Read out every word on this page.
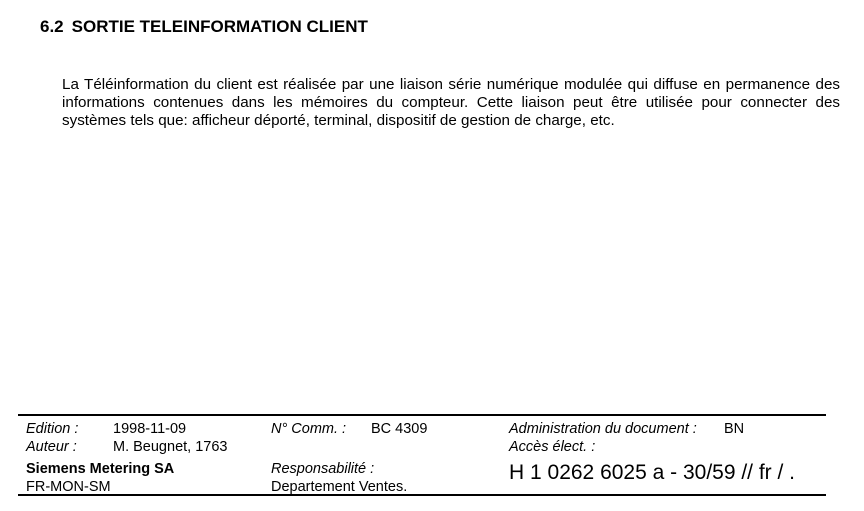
6.2 SORTIE TELEINFORMATION CLIENT

La Téléinformation du client est réalisée par une liaison série numérique modulée qui diffuse en permanence des informations contenues dans les mémoires du compteur. Cette liaison peut être utilisée pour connecter des systèmes tels que: afficheur déporté, terminal, dispositif de gestion de charge, etc.

Edition : 1998-11-09
Auteur : M. Beugnet, 1763
Siemens Metering SA
FR-MON-SM
N° Comm. : BC 4309
Responsabilité :
Departement Ventes.
Administration du document : BN
Accès élect. :
H 1 0262 6025 a - 30/59 // fr / .
